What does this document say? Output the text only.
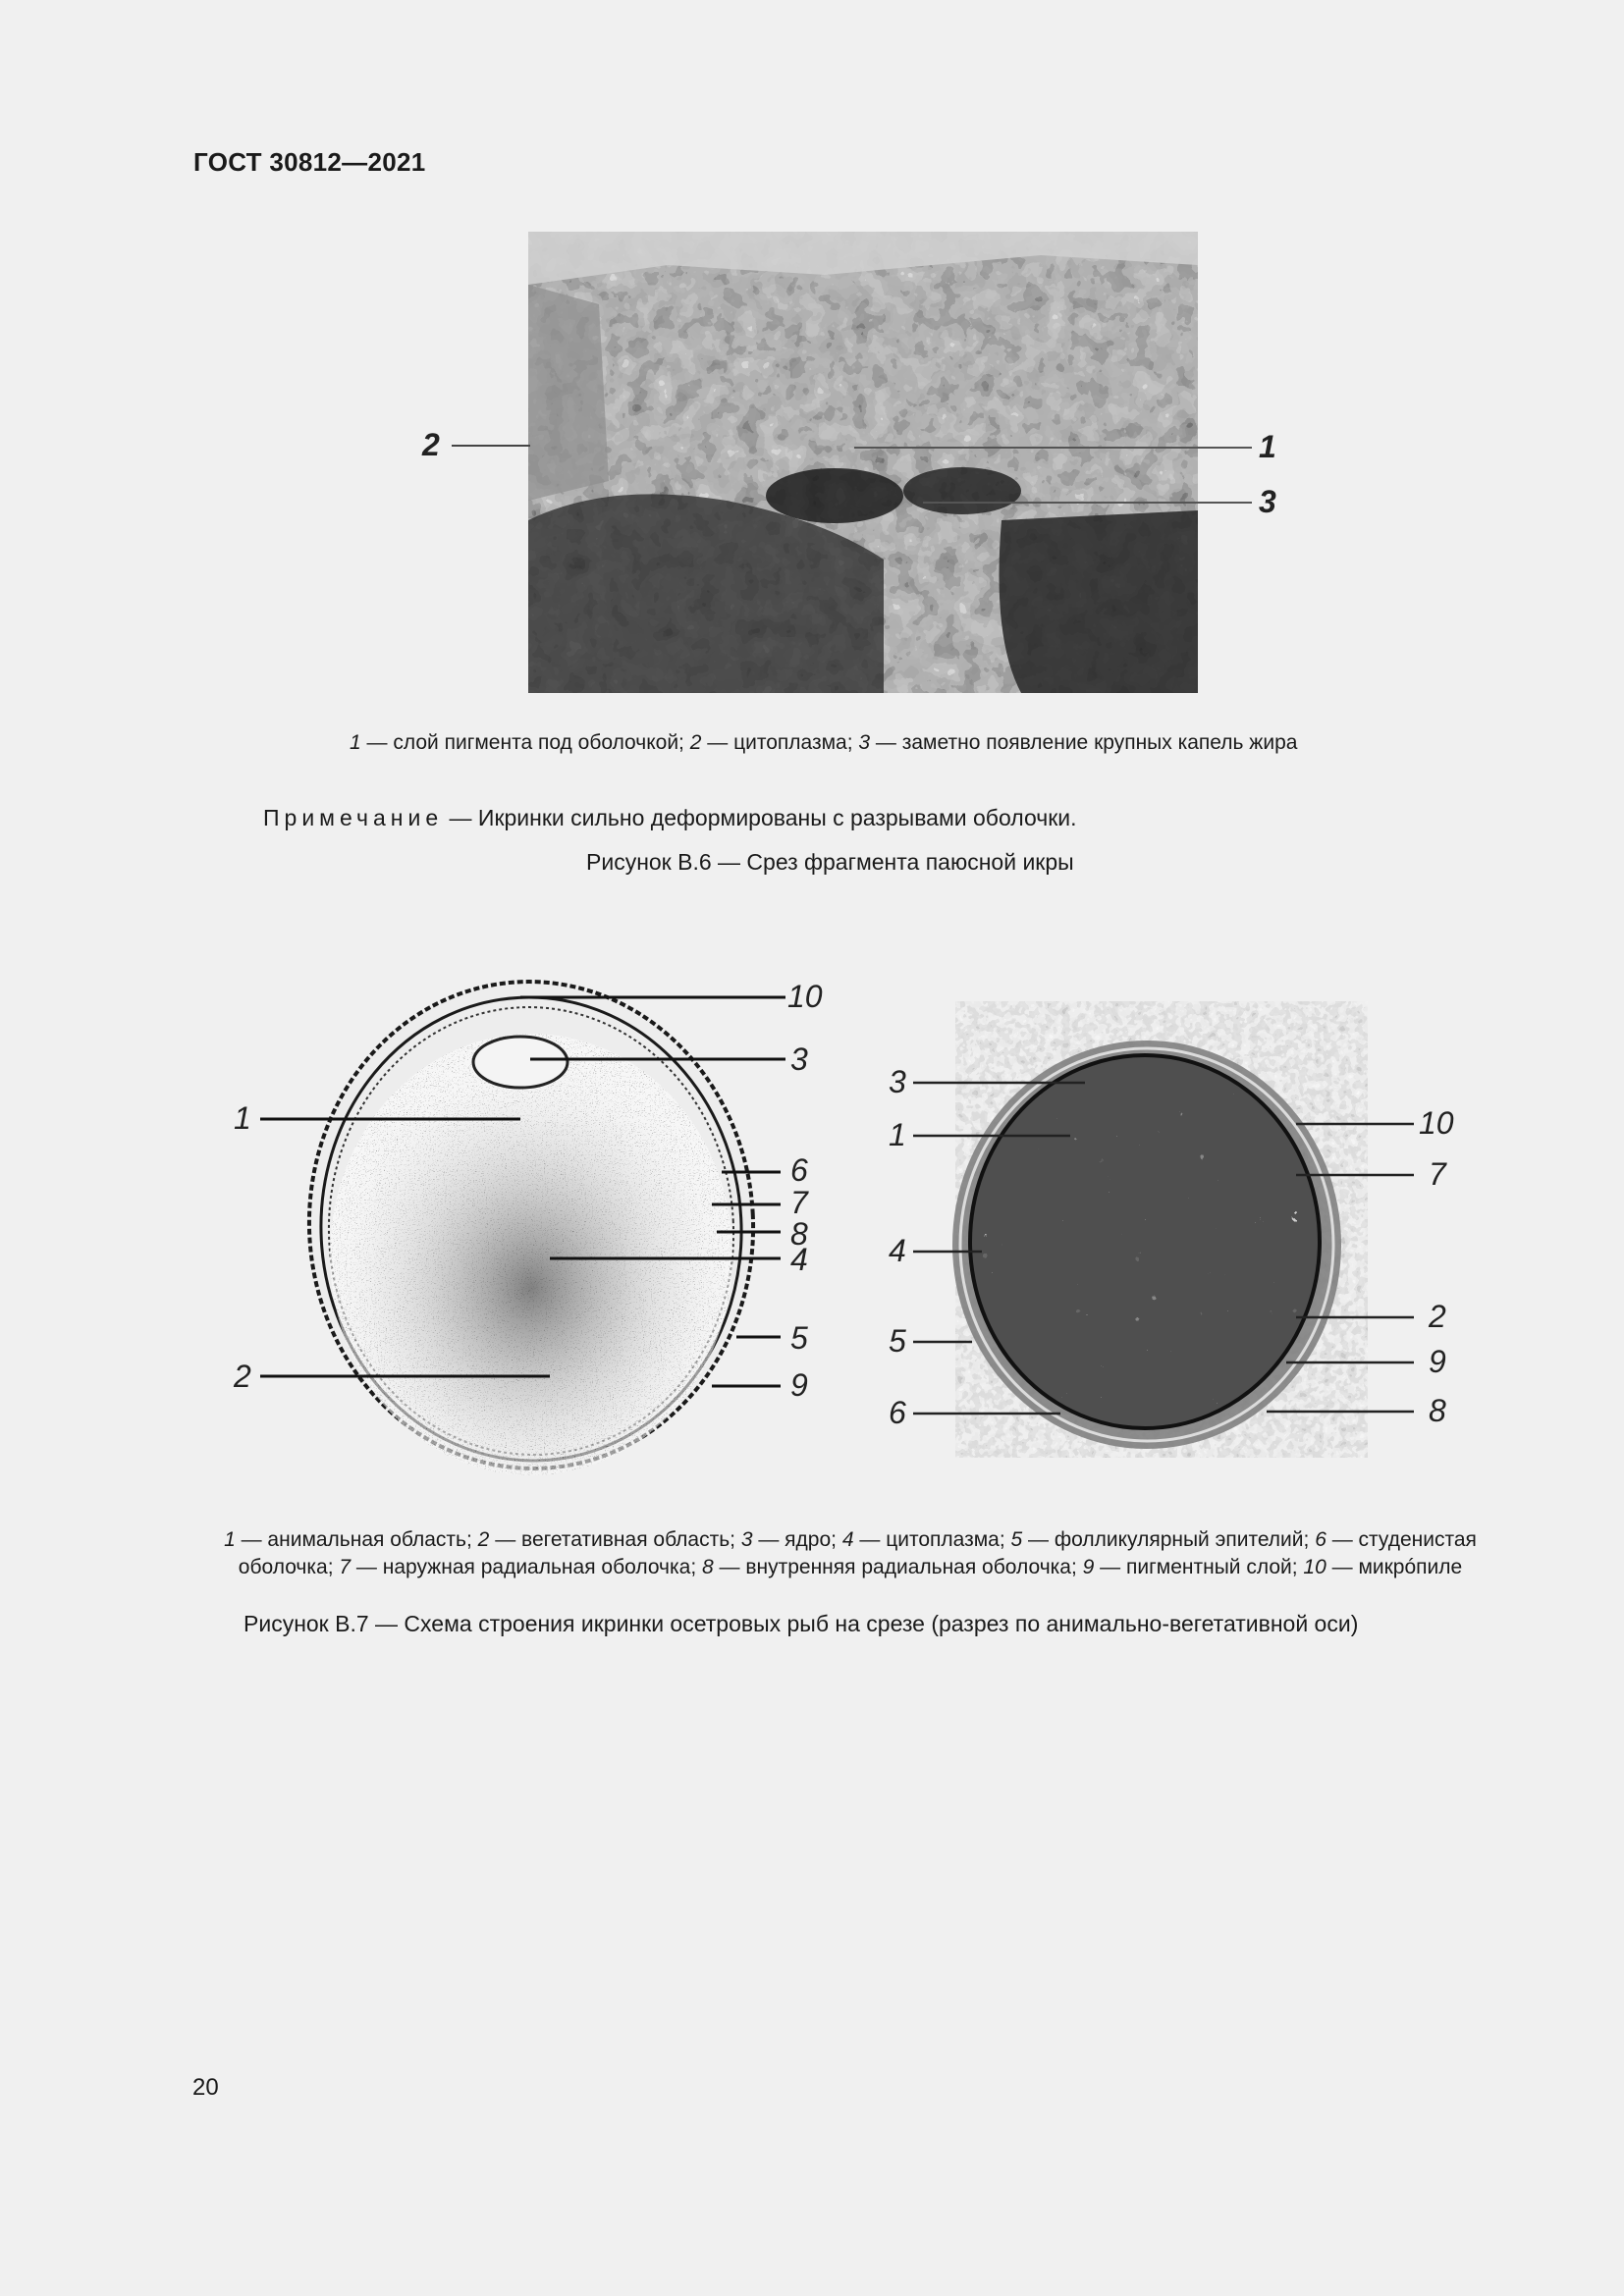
ГОСТ 30812—2021
2	1
3
1 — слой пигмента под оболочкой; 2 — цитоплазма; 3 — заметно появление крупных капель жира
Примечание — Икринки сильно деформированы с разрывами оболочки.
Рисунок В.6 — Срез фрагмента паюсной икры
10
3
1
6
7
8
4
5
2	9
3
1
4
5
6
10
7
2
9
8
1 — анимальная область; 2 — вегетативная область; 3 — ядро; 4 — цитоплазма; 5 — фолликулярный эпителий; 6 — студенистая
оболочка; 7 — наружная радиальная оболочка; 8 — внутренняя радиальная оболочка; 9 — пигментный слой; 10 — микрóпиле
Рисунок В.7 — Схема строения икринки осетровых рыб на срезе (разрез по анимально-вегетативной оси)
20
